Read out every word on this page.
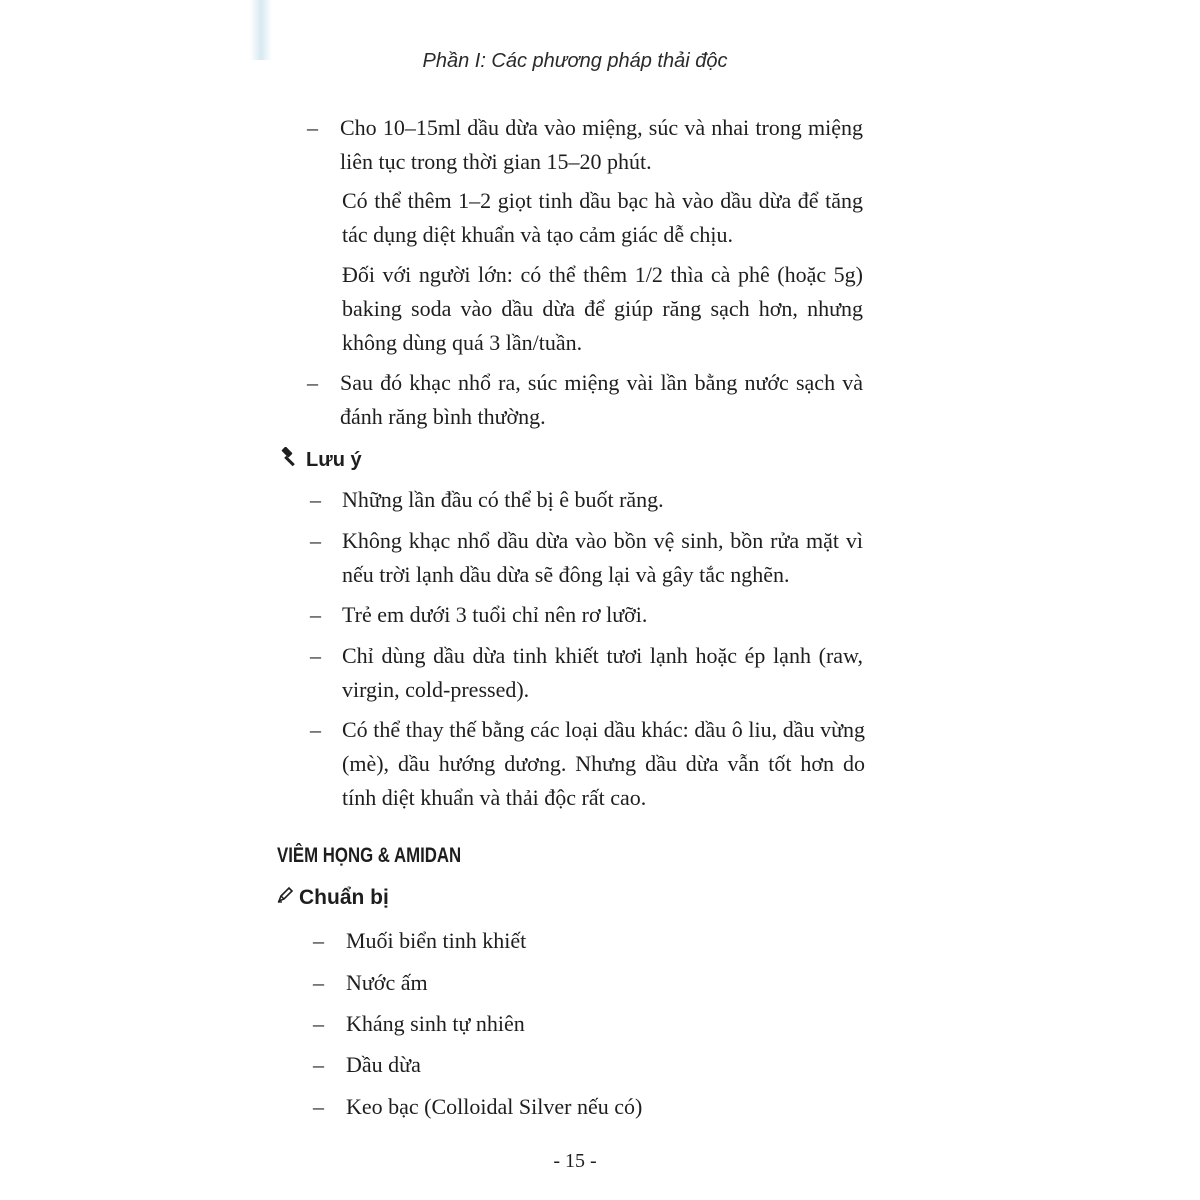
Phần I: Các phương pháp thải độc
– Cho 10–15ml dầu dừa vào miệng, súc và nhai trong miệng
liên tục trong thời gian 15–20 phút.
Có thể thêm 1–2 giọt tinh dầu bạc hà vào dầu dừa để tăng
tác dụng diệt khuẩn và tạo cảm giác dễ chịu.
Đối với người lớn: có thể thêm 1/2 thìa cà phê (hoặc 5g)
baking soda vào dầu dừa để giúp răng sạch hơn, nhưng
không dùng quá 3 lần/tuần.
– Sau đó khạc nhổ ra, súc miệng vài lần bằng nước sạch và
đánh răng bình thường.
Lưu ý
– Những lần đầu có thể bị ê buốt răng.
– Không khạc nhổ dầu dừa vào bồn vệ sinh, bồn rửa mặt vì
nếu trời lạnh dầu dừa sẽ đông lại và gây tắc nghẽn.
– Trẻ em dưới 3 tuổi chỉ nên rơ lưỡi.
– Chỉ dùng dầu dừa tinh khiết tươi lạnh hoặc ép lạnh (raw,
virgin, cold-pressed).
– Có thể thay thế bằng các loại dầu khác: dầu ô liu, dầu vừng
(mè), dầu hướng dương. Nhưng dầu dừa vẫn tốt hơn do
tính diệt khuẩn và thải độc rất cao.
VIÊM HỌNG & AMIDAN
Chuẩn bị
– Muối biển tinh khiết
– Nước ấm
– Kháng sinh tự nhiên
– Dầu dừa
– Keo bạc (Colloidal Silver nếu có)
- 15 -
